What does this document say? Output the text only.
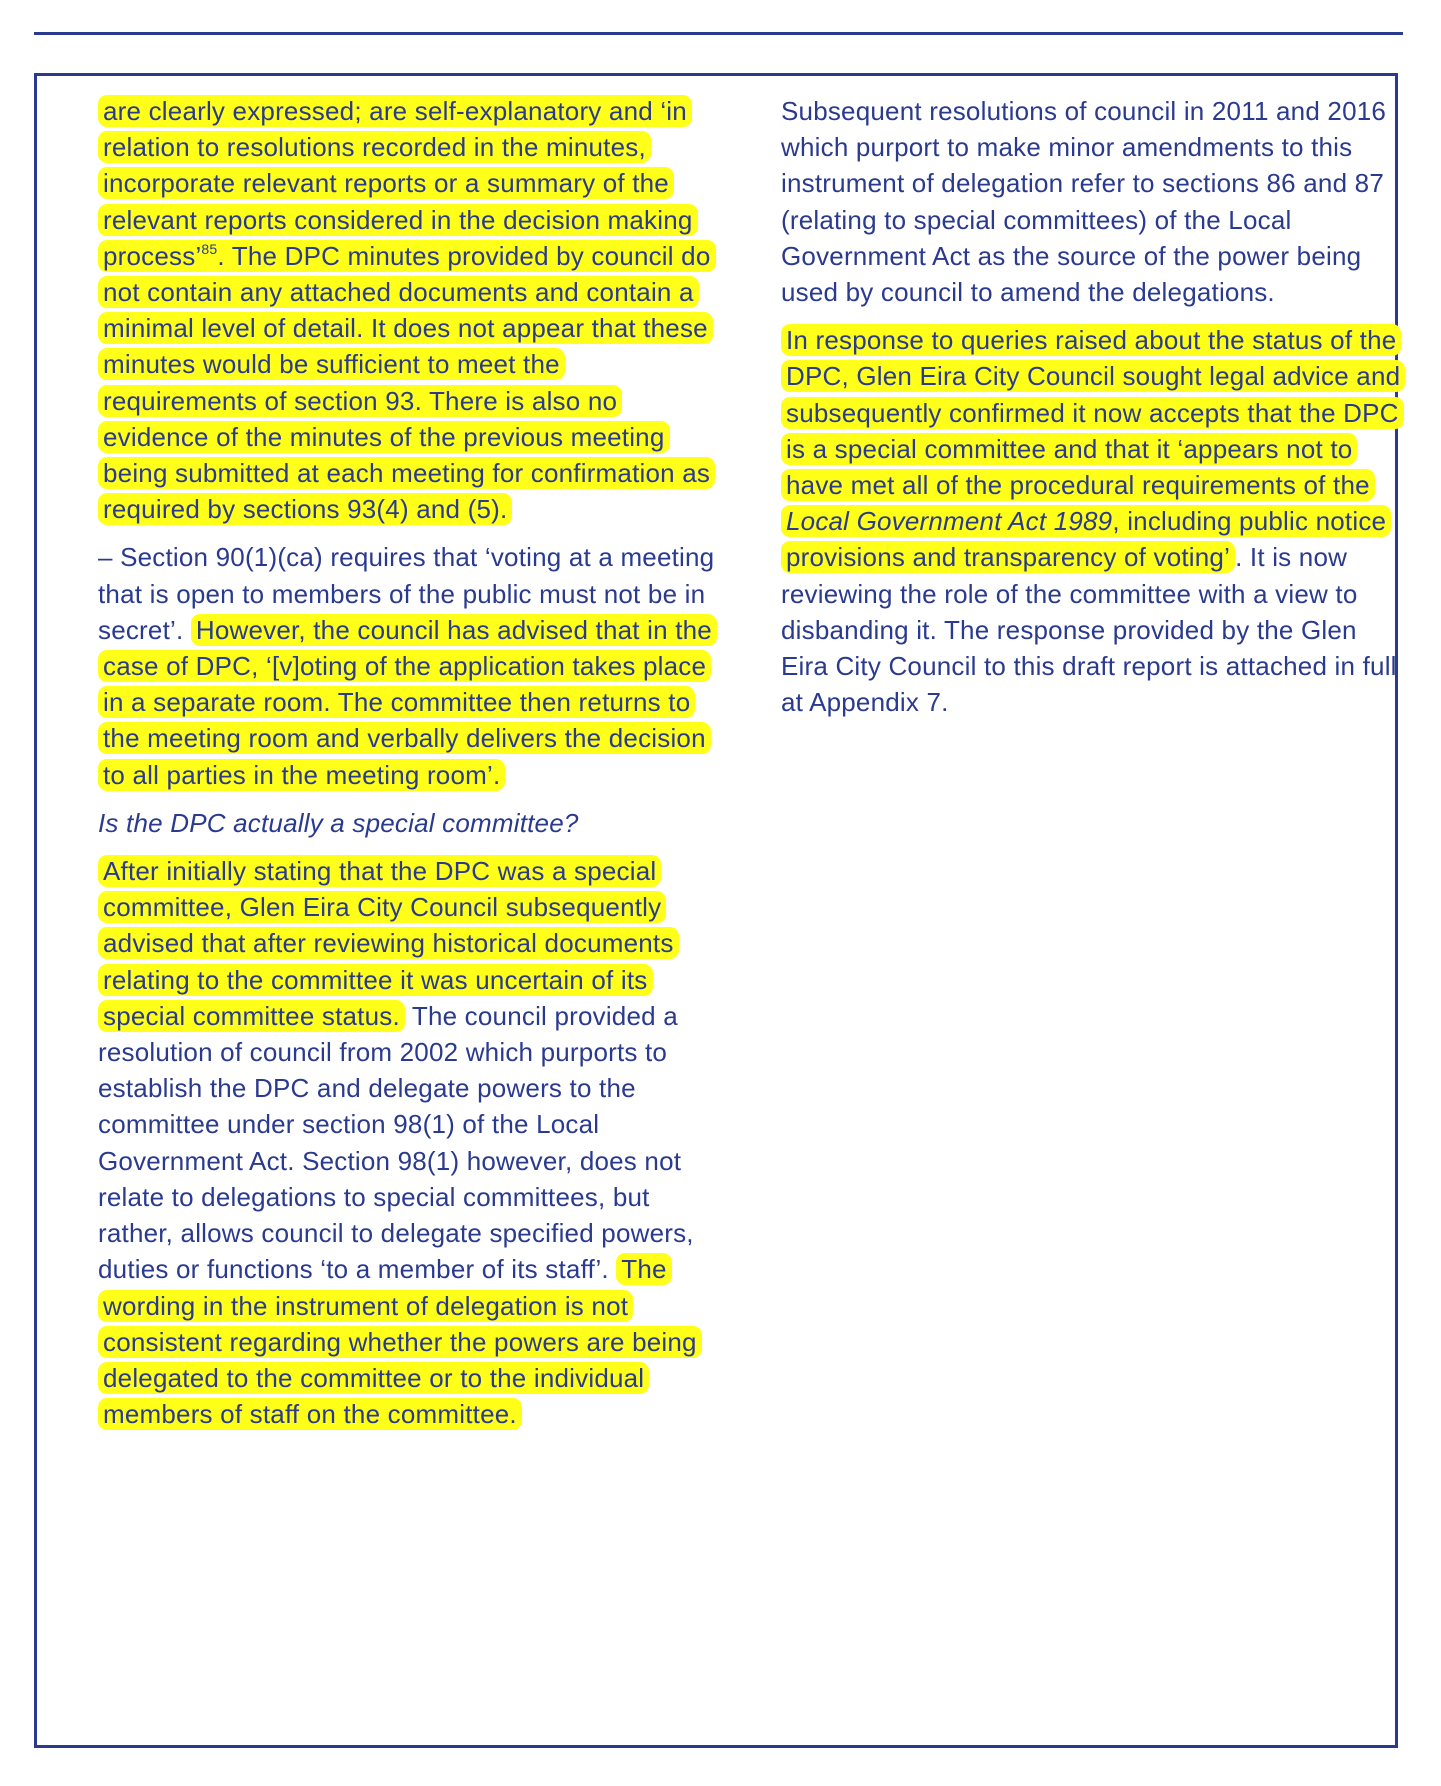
are clearly expressed; are self-explanatory and ‘in relation to resolutions recorded in the minutes, incorporate relevant reports or a summary of the relevant reports considered in the decision making process’$^{85}$. The DPC minutes provided by council do not contain any attached documents and contain a minimal level of detail. It does not appear that these minutes would be sufficient to meet the requirements of section 93. There is also no evidence of the minutes of the previous meeting being submitted at each meeting for confirmation as required by sections 93(4) and (5).

– Section 90(1)(ca) requires that ‘voting at a meeting that is open to members of the public must not be in secret’. However, the council has advised that in the case of DPC, ‘[v]oting of the application takes place in a separate room. The committee then returns to the meeting room and verbally delivers the decision to all parties in the meeting room’.

Is the DPC actually a special committee?

After initially stating that the DPC was a special committee, Glen Eira City Council subsequently advised that after reviewing historical documents relating to the committee it was uncertain of its special committee status. The council provided a resolution of council from 2002 which purports to establish the DPC and delegate powers to the committee under section 98(1) of the Local Government Act. Section 98(1) however, does not relate to delegations to special committees, but rather, allows council to delegate specified powers, duties or functions ‘to a member of its staff’. The wording in the instrument of delegation is not consistent regarding whether the powers are being delegated to the committee or to the individual members of staff on the committee.

Subsequent resolutions of council in 2011 and 2016 which purport to make minor amendments to this instrument of delegation refer to sections 86 and 87 (relating to special committees) of the Local Government Act as the source of the power being used by council to amend the delegations.

In response to queries raised about the status of the DPC, Glen Eira City Council sought legal advice and subsequently confirmed it now accepts that the DPC is a special committee and that it ‘appears not to have met all of the procedural requirements of the Local Government Act 1989, including public notice provisions and transparency of voting’ . It is now reviewing the role of the committee with a view to disbanding it. The response provided by the Glen Eira City Council to this draft report is attached in full at Appendix 7.
